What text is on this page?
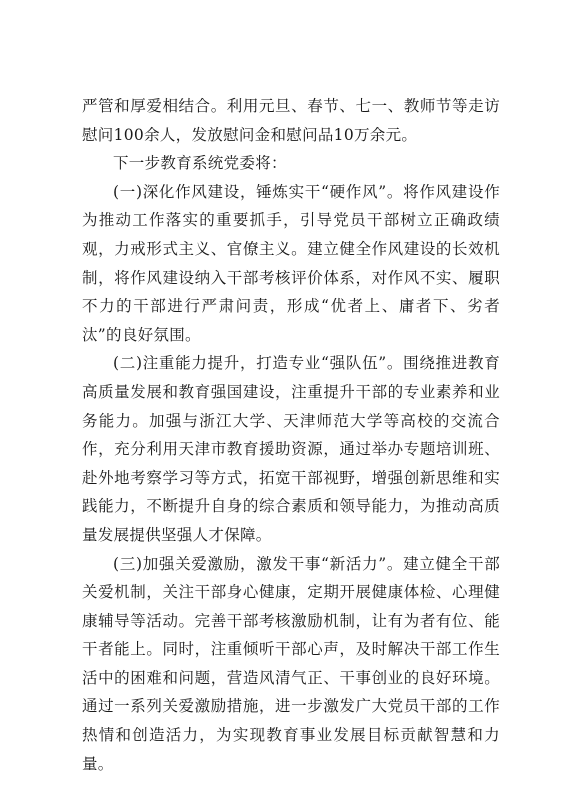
严管和厚爱相结合。利用元旦、春节、七一、教师节等走访慰问100余人，发放慰问金和慰问品10万余元。

下一步教育系统党委将：

(一)深化作风建设，锤炼实干“硬作风”。将作风建设作为推动工作落实的重要抓手，引导党员干部树立正确政绩观，力戒形式主义、官僚主义。建立健全作风建设的长效机制，将作风建设纳入干部考核评价体系，对作风不实、履职不力的干部进行严肃问责，形成“优者上、庸者下、劣者汰”的良好氛围。

(二)注重能力提升，打造专业“强队伍”。围绕推进教育高质量发展和教育强国建设，注重提升干部的专业素养和业务能力。加强与浙江大学、天津师范大学等高校的交流合作，充分利用天津市教育援助资源，通过举办专题培训班、赴外地考察学习等方式，拓宽干部视野，增强创新思维和实践能力，不断提升自身的综合素质和领导能力，为推动高质量发展提供坚强人才保障。

(三)加强关爱激励，激发干事“新活力”。建立健全干部关爱机制，关注干部身心健康，定期开展健康体检、心理健康辅导等活动。完善干部考核激励机制，让有为者有位、能干者能上。同时，注重倾听干部心声，及时解决干部工作生活中的困难和问题，营造风清气正、干事创业的良好环境。通过一系列关爱激励措施，进一步激发广大党员干部的工作热情和创造活力，为实现教育事业发展目标贡献智慧和力量。
